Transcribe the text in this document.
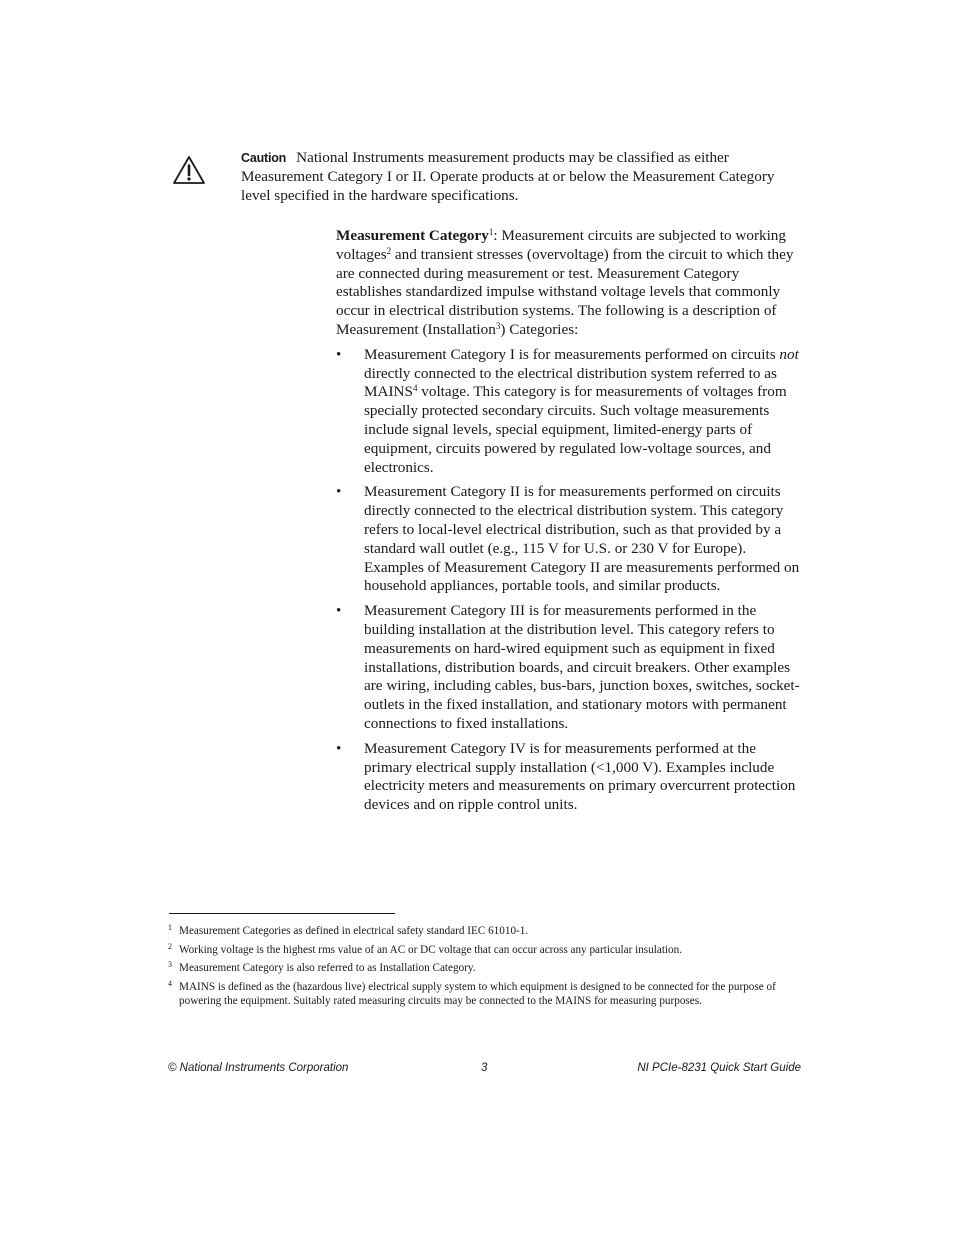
Caution National Instruments measurement products may be classified as either Measurement Category I or II. Operate products at or below the Measurement Category level specified in the hardware specifications.

Measurement Category$^1$: Measurement circuits are subjected to working voltages$^2$ and transient stresses (overvoltage) from the circuit to which they are connected during measurement or test. Measurement Category establishes standardized impulse withstand voltage levels that commonly occur in electrical distribution systems. The following is a description of Measurement (Installation$^3$) Categories:

• Measurement Category I is for measurements performed on circuits not directly connected to the electrical distribution system referred to as MAINS$^4$ voltage. This category is for measurements of voltages from specially protected secondary circuits. Such voltage measurements include signal levels, special equipment, limited-energy parts of equipment, circuits powered by regulated low-voltage sources, and electronics.
• Measurement Category II is for measurements performed on circuits directly connected to the electrical distribution system. This category refers to local-level electrical distribution, such as that provided by a standard wall outlet (e.g., 115 V for U.S. or 230 V for Europe). Examples of Measurement Category II are measurements performed on household appliances, portable tools, and similar products.
• Measurement Category III is for measurements performed in the building installation at the distribution level. This category refers to measurements on hard-wired equipment such as equipment in fixed installations, distribution boards, and circuit breakers. Other examples are wiring, including cables, bus-bars, junction boxes, switches, socket-outlets in the fixed installation, and stationary motors with permanent connections to fixed installations.
• Measurement Category IV is for measurements performed at the primary electrical supply installation (<1,000 V). Examples include electricity meters and measurements on primary overcurrent protection devices and on ripple control units.
1 Measurement Categories as defined in electrical safety standard IEC 61010-1.
2 Working voltage is the highest rms value of an AC or DC voltage that can occur across any particular insulation.
3 Measurement Category is also referred to as Installation Category.
4 MAINS is defined as the (hazardous live) electrical supply system to which equipment is designed to be connected for the purpose of powering the equipment. Suitably rated measuring circuits may be connected to the MAINS for measuring purposes.
© National Instruments Corporation	3	NI PCIe-8231 Quick Start Guide
